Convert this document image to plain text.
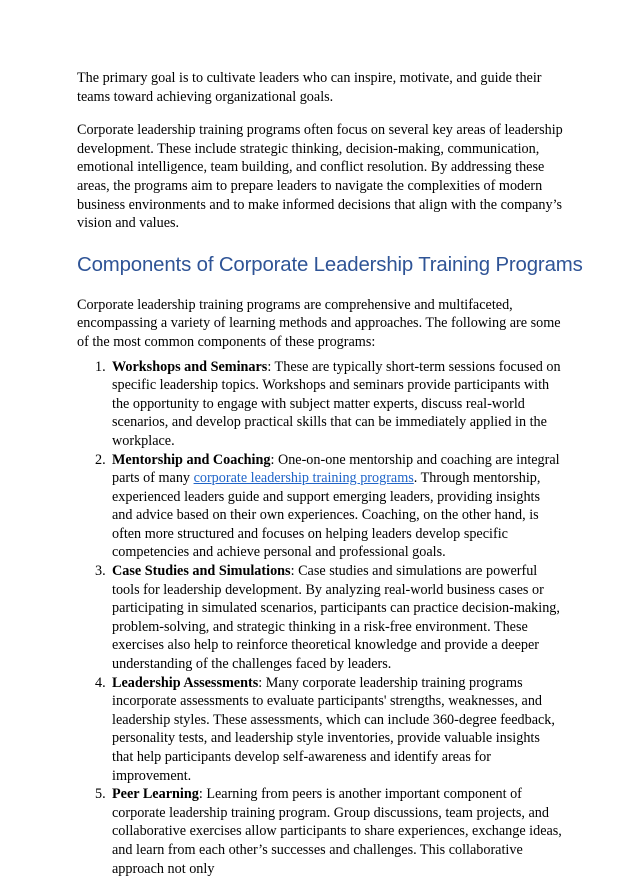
The primary goal is to cultivate leaders who can inspire, motivate, and guide their teams toward achieving organizational goals.

Corporate leadership training programs often focus on several key areas of leadership development. These include strategic thinking, decision-making, communication, emotional intelligence, team building, and conflict resolution. By addressing these areas, the programs aim to prepare leaders to navigate the complexities of modern business environments and to make informed decisions that align with the company’s vision and values.

Components of Corporate Leadership Training Programs

Corporate leadership training programs are comprehensive and multifaceted, encompassing a variety of learning methods and approaches. The following are some of the most common components of these programs:

1. Workshops and Seminars: These are typically short-term sessions focused on specific leadership topics. Workshops and seminars provide participants with the opportunity to engage with subject matter experts, discuss real-world scenarios, and develop practical skills that can be immediately applied in the workplace.
2. Mentorship and Coaching: One-on-one mentorship and coaching are integral parts of many corporate leadership training programs. Through mentorship, experienced leaders guide and support emerging leaders, providing insights and advice based on their own experiences. Coaching, on the other hand, is often more structured and focuses on helping leaders develop specific competencies and achieve personal and professional goals.
3. Case Studies and Simulations: Case studies and simulations are powerful tools for leadership development. By analyzing real-world business cases or participating in simulated scenarios, participants can practice decision-making, problem-solving, and strategic thinking in a risk-free environment. These exercises also help to reinforce theoretical knowledge and provide a deeper understanding of the challenges faced by leaders.
4. Leadership Assessments: Many corporate leadership training programs incorporate assessments to evaluate participants' strengths, weaknesses, and leadership styles. These assessments, which can include 360-degree feedback, personality tests, and leadership style inventories, provide valuable insights that help participants develop self-awareness and identify areas for improvement.
5. Peer Learning: Learning from peers is another important component of corporate leadership training program. Group discussions, team projects, and collaborative exercises allow participants to share experiences, exchange ideas, and learn from each other’s successes and challenges. This collaborative approach not only
